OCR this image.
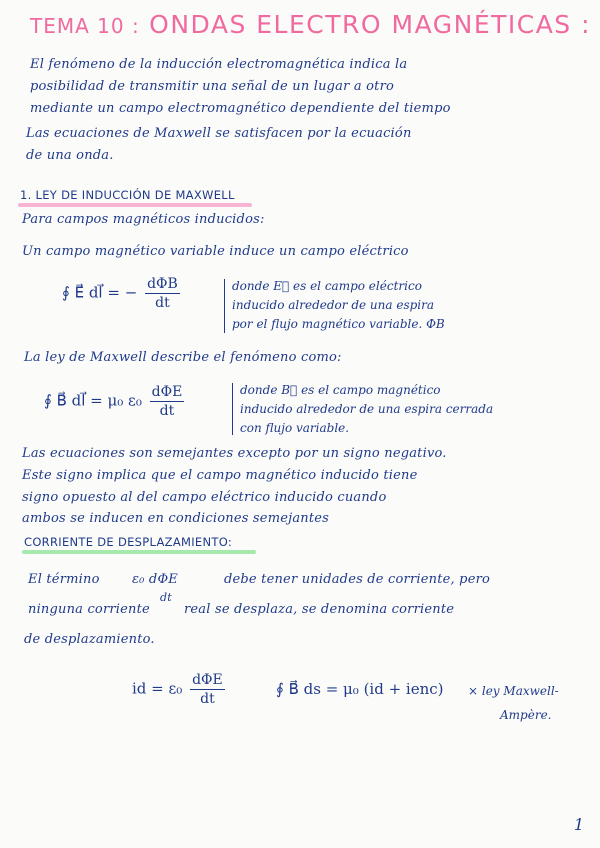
TEMA 10 : ONDAS ELECTRO MAGNÉTICAS :
El fenómeno de la inducción electromagnética indica la
posibilidad de transmitir una señal de un lugar a otro
mediante un campo electromagnético dependiente del tiempo
Las ecuaciones de Maxwell se satisfacen por la ecuación
de una onda.
1. LEY DE INDUCCIÓN DE MAXWELL
Para campos magnéticos inducidos:
Un campo magnético variable induce un campo eléctrico
∮ E⃗ dl⃗ = − $\frac{\text{dΦB}}{dt}$	donde E⃗ es el campo eléctrico
inducido alrededor de una espira
por el flujo magnético variable. ΦB
La ley de Maxwell describe el fenómeno como:
∮ B⃗ dl⃗ = μ₀ $\varepsilon_0 \frac{\text{dΦE}}{dt}$	donde B⃗ es el campo magnético
inducido alrededor de una espira cerrada
con flujo variable.
Las ecuaciones son semejantes excepto por un signo negativo.
Este signo implica que el campo magnético inducido tiene
signo opuesto al del campo eléctrico inducido cuando
ambos se inducen en condiciones semejantes
CORRIENTE DE DESPLAZAMIENTO:
El término ε₀ dΦE	debe tener unidades de corriente, pero
ninguna corriente
dt
real se desplaza, se denomina corriente
de desplazamiento.
id = $\varepsilon_0 \frac{\text{dΦE}}{dt}$	∮ B⃗ ds = μ₀ (id + ienc) × ley Maxwell-
Ampère.
1
